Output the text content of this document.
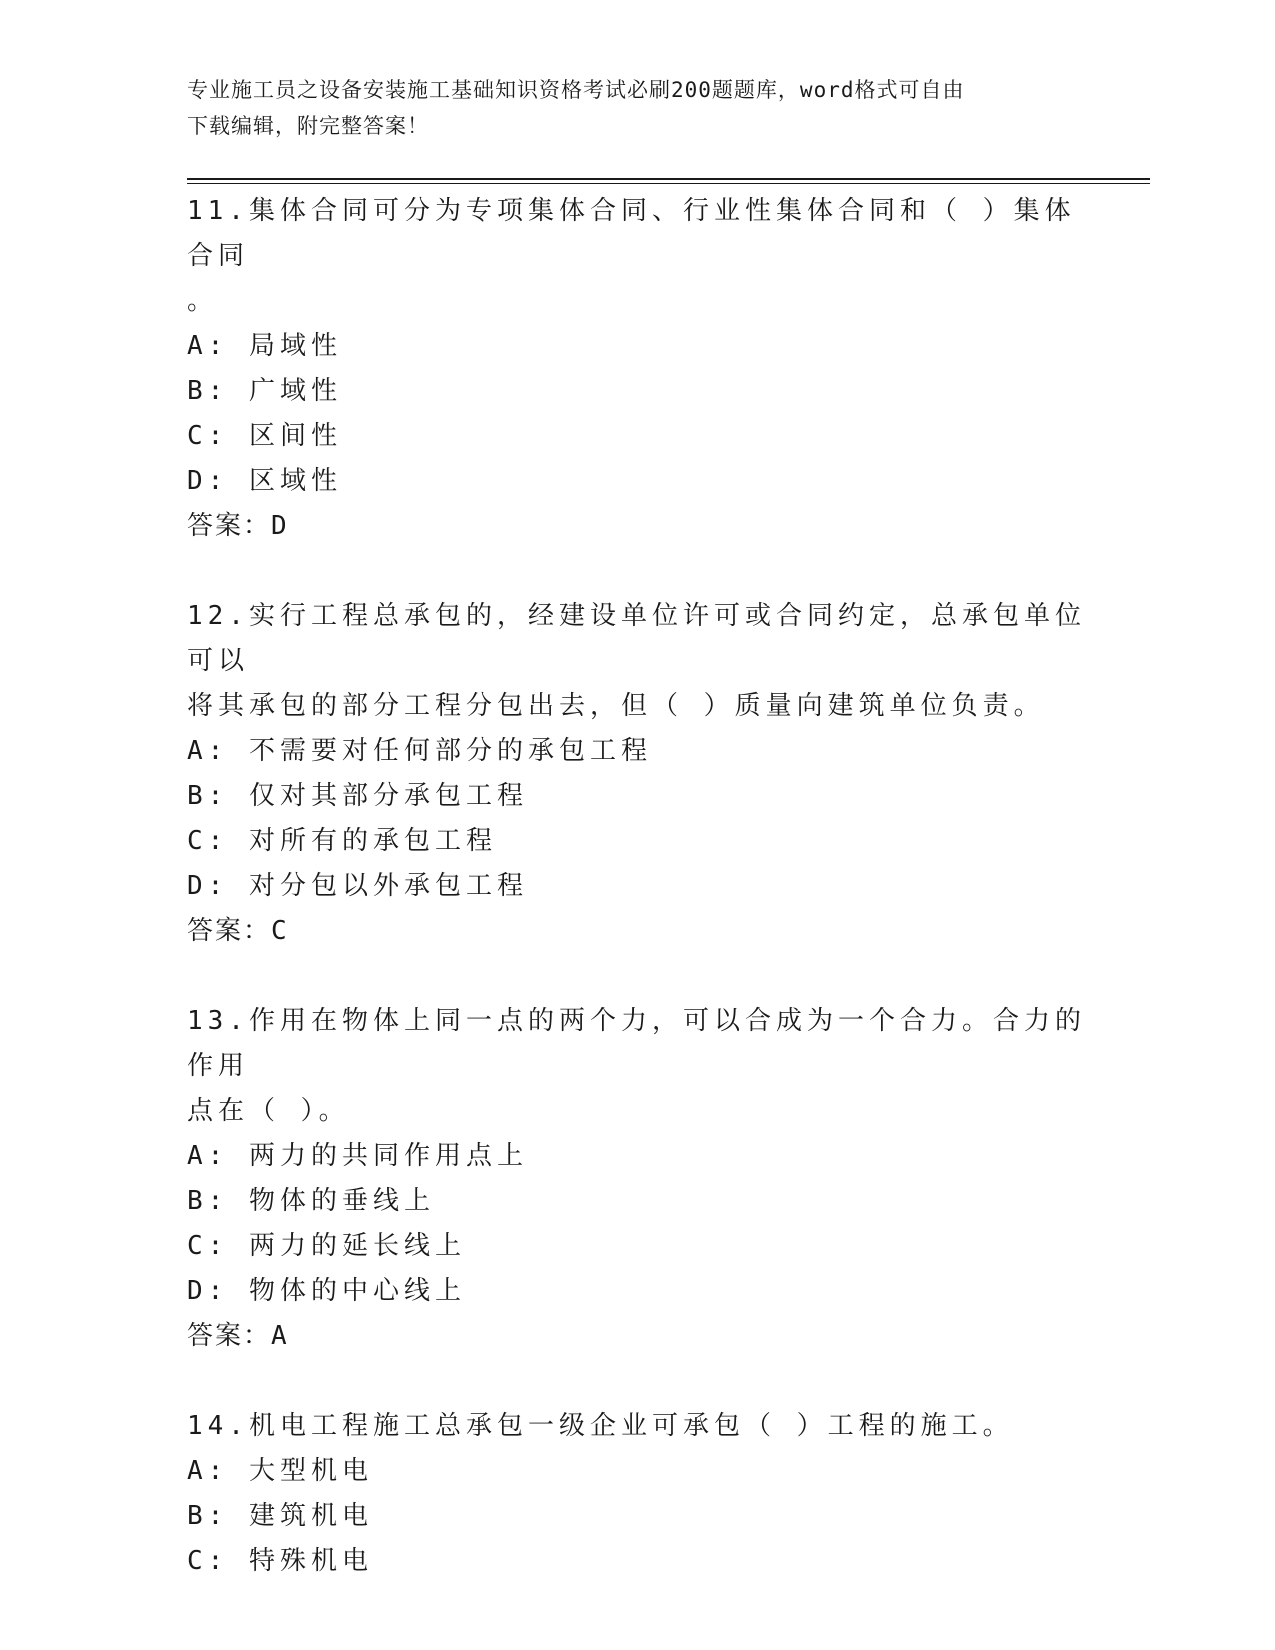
专业施工员之设备安装施工基础知识资格考试必刷200题题库，word格式可自由
下载编辑，附完整答案！

11.集体合同可分为专项集体合同、行业性集体合同和（ ）集体合同

。

A: 局域性

B: 广域性

C: 区间性

D: 区域性

答案：D

12.实行工程总承包的，经建设单位许可或合同约定，总承包单位可以

将其承包的部分工程分包出去，但（ ）质量向建筑单位负责。

A: 不需要对任何部分的承包工程

B: 仅对其部分承包工程

C: 对所有的承包工程

D: 对分包以外承包工程

答案：C

13.作用在物体上同一点的两个力，可以合成为一个合力。合力的作用

点在（ ）。

A: 两力的共同作用点上

B: 物体的垂线上

C: 两力的延长线上

D: 物体的中心线上

答案：A

14.机电工程施工总承包一级企业可承包（ ）工程的施工。

A: 大型机电

B: 建筑机电

C: 特殊机电
